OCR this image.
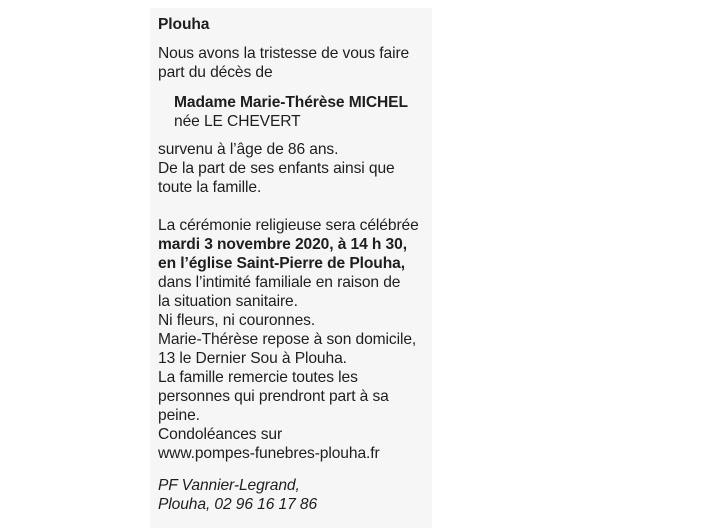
Plouha
Nous avons la tristesse de vous faire
part du décès de
Madame Marie-Thérèse MICHEL
née LE CHEVERT
survenu à l’âge de 86 ans.
De la part de ses enfants ainsi que
toute la famille.
La cérémonie religieuse sera célébrée
mardi 3 novembre 2020, à 14 h 30,
en l’église Saint-Pierre de Plouha,
dans l’intimité familiale en raison de
la situation sanitaire.
Ni fleurs, ni couronnes.
Marie-Thérèse repose à son domicile,
13 le Dernier Sou à Plouha.
La famille remercie toutes les
personnes qui prendront part à sa
peine.
Condoléances sur
www.pompes-funebres-plouha.fr
PF Vannier-Legrand,
Plouha, 02 96 16 17 86
